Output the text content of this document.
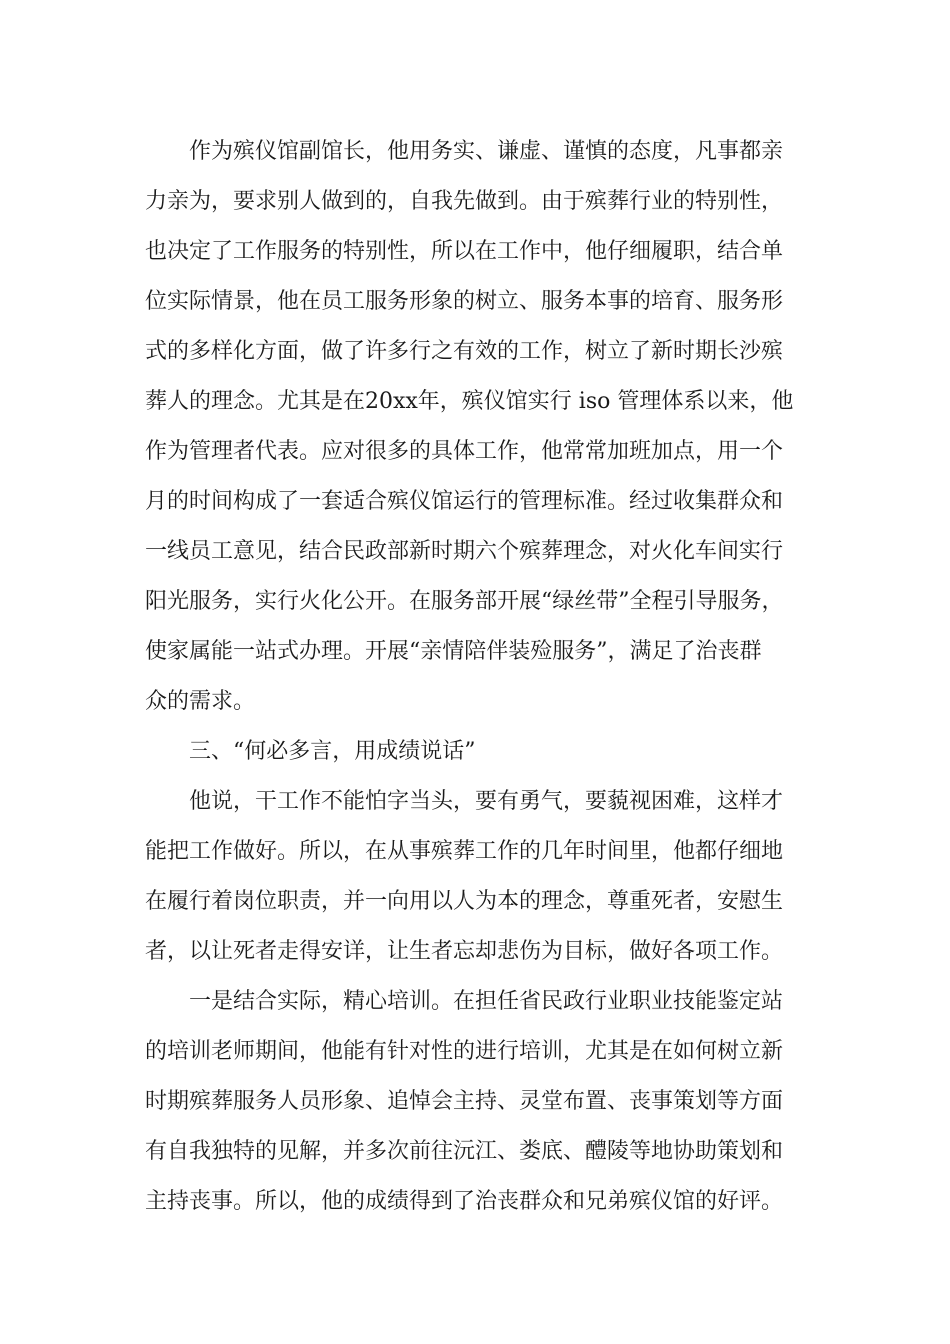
作为殡仪馆副馆长，他用务实、谦虚、谨慎的态度，凡事都亲
力亲为，要求别人做到的，自我先做到。由于殡葬行业的特别性，
也决定了工作服务的特别性，所以在工作中，他仔细履职，结合单
位实际情景，他在员工服务形象的树立、服务本事的培育、服务形
式的多样化方面，做了许多行之有效的工作，树立了新时期长沙殡
葬人的理念。尤其是在20xx年，殡仪馆实行 iso 管理体系以来，他
作为管理者代表。应对很多的具体工作，他常常加班加点，用一个
月的时间构成了一套适合殡仪馆运行的管理标准。经过收集群众和
一线员工意见，结合民政部新时期六个殡葬理念，对火化车间实行
阳光服务，实行火化公开。在服务部开展“绿丝带”全程引导服务，
使家属能一站式办理。开展“亲情陪伴装殓服务”，满足了治丧群
众的需求。
三、“何必多言，用成绩说话”
他说，干工作不能怕字当头，要有勇气，要藐视困难，这样才
能把工作做好。所以，在从事殡葬工作的几年时间里，他都仔细地
在履行着岗位职责，并一向用以人为本的理念，尊重死者，安慰生
者，以让死者走得安详，让生者忘却悲伤为目标，做好各项工作。
一是结合实际，精心培训。在担任省民政行业职业技能鉴定站
的培训老师期间，他能有针对性的进行培训，尤其是在如何树立新
时期殡葬服务人员形象、追悼会主持、灵堂布置、丧事策划等方面
有自我独特的见解，并多次前往沅江、娄底、醴陵等地协助策划和
主持丧事。所以，他的成绩得到了治丧群众和兄弟殡仪馆的好评。
